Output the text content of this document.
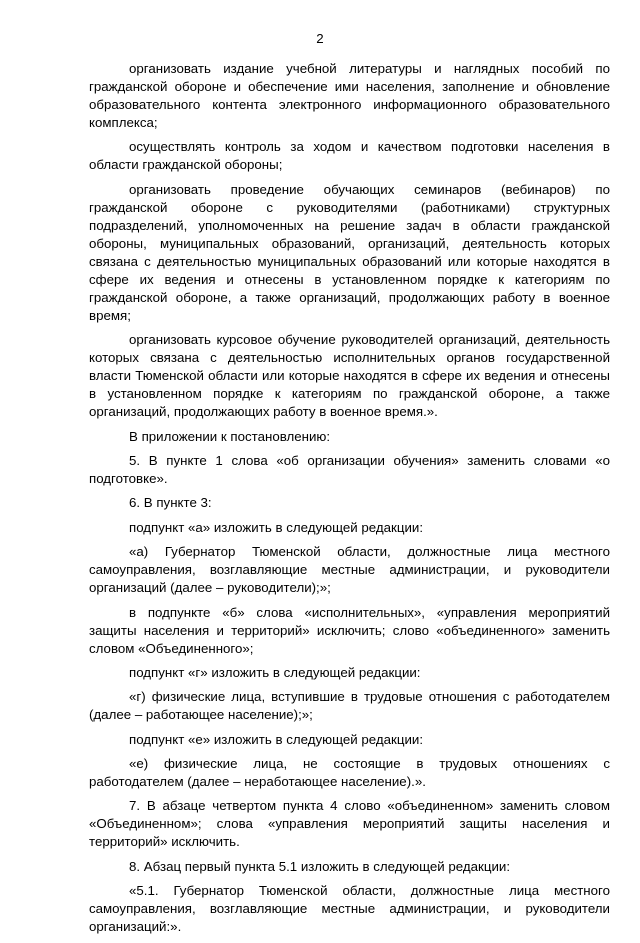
2

организовать издание учебной литературы и наглядных пособий по гражданской обороне и обеспечение ими населения, заполнение и обновление образовательного контента электронного информационного образовательного комплекса;

осуществлять контроль за ходом и качеством подготовки населения в области гражданской обороны;

организовать проведение обучающих семинаров (вебинаров) по гражданской обороне с руководителями (работниками) структурных подразделений, уполномоченных на решение задач в области гражданской обороны, муниципальных образований, организаций, деятельность которых связана с деятельностью муниципальных образований или которые находятся в сфере их ведения и отнесены в установленном порядке к категориям по гражданской обороне, а также организаций, продолжающих работу в военное время;

организовать курсовое обучение руководителей организаций, деятельность которых связана с деятельностью исполнительных органов государственной власти Тюменской области или которые находятся в сфере их ведения и отнесены в установленном порядке к категориям по гражданской обороне, а также организаций, продолжающих работу в военное время.».

В приложении к постановлению:

5. В пункте 1 слова «об организации обучения» заменить словами «о подготовке».

6. В пункте 3:

подпункт «а» изложить в следующей редакции:

«а) Губернатор Тюменской области, должностные лица местного самоуправления, возглавляющие местные администрации, и руководители организаций (далее – руководители);»;

в подпункте «б» слова «исполнительных», «управления мероприятий защиты населения и территорий» исключить; слово «объединенного» заменить словом «Объединенного»;

подпункт «г» изложить в следующей редакции:

«г) физические лица, вступившие в трудовые отношения с работодателем (далее – работающее население);»;

подпункт «е» изложить в следующей редакции:

«е) физические лица, не состоящие в трудовых отношениях с работодателем (далее – неработающее население).».

7. В абзаце четвертом пункта 4 слово «объединенном» заменить словом «Объединенном»; слова «управления мероприятий защиты населения и территорий» исключить.

8. Абзац первый пункта 5.1 изложить в следующей редакции:

«5.1. Губернатор Тюменской области, должностные лица местного самоуправления, возглавляющие местные администрации, и руководители организаций:».
